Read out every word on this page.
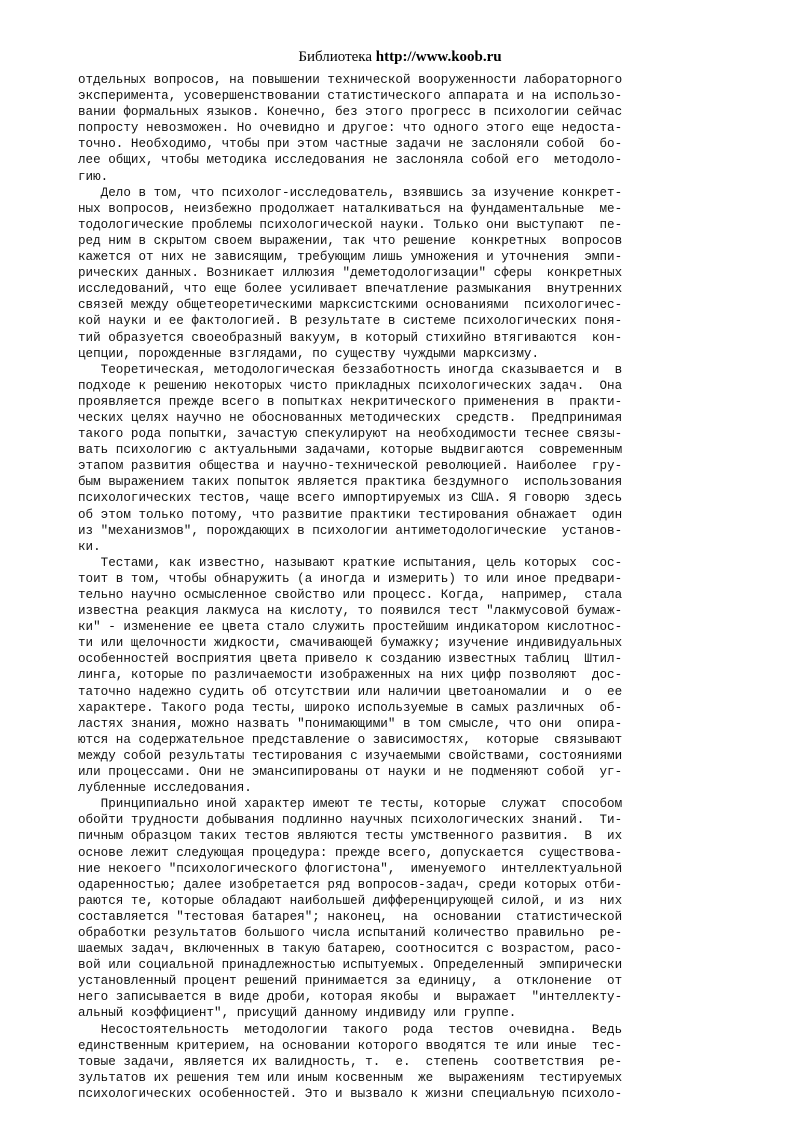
Библиотека http://www.koob.ru
отдельных вопросов, на повышении технической вооруженности лабораторного
эксперимента, усовершенствовании статистического аппарата и на использо-
вании формальных языков. Конечно, без этого прогресс в психологии сейчас
попросту невозможен. Но очевидно и другое: что одного этого еще недоста-
точно. Необходимо, чтобы при этом частные задачи не заслоняли собой  бо-
лее общих, чтобы методика исследования не заслоняла собой его  методоло-
гию.
Дело в том, что психолог-исследователь, взявшись за изучение конкрет-
ных вопросов, неизбежно продолжает наталкиваться на фундаментальные  ме-
тодологические проблемы психологической науки. Только они выступают  пе-
ред ним в скрытом своем выражении, так что решение  конкретных  вопросов
кажется от них не зависящим, требующим лишь умножения и уточнения  эмпи-
рических данных. Возникает иллюзия "деметодологизации" сферы  конкретных
исследований, что еще более усиливает впечатление размыкания  внутренних
связей между общетеоретическими марксистскими основаниями  психологичес-
кой науки и ее фактологией. В результате в системе психологических поня-
тий образуется своеобразный вакуум, в который стихийно втягиваются  кон-
цепции, порожденные взглядами, по существу чуждыми марксизму.
Теоретическая, методологическая беззаботность иногда сказывается и  в
подходе к решению некоторых чисто прикладных психологических задач.  Она
проявляется прежде всего в попытках некритического применения в  практи-
ческих целях научно не обоснованных методических  средств.  Предпринимая
такого рода попытки, зачастую спекулируют на необходимости теснее связы-
вать психологию с актуальными задачами, которые выдвигаются  современным
этапом развития общества и научно-технической революцией. Наиболее  гру-
бым выражением таких попыток является практика бездумного  использования
психологических тестов, чаще всего импортируемых из США. Я говорю  здесь
об этом только потому, что развитие практики тестирования обнажает  один
из "механизмов", порождающих в психологии антиметодологические  установ-
ки.
Тестами, как известно, называют краткие испытания, цель которых  сос-
тоит в том, чтобы обнаружить (а иногда и измерить) то или иное предвари-
тельно научно осмысленное свойство или процесс. Когда,  например,  стала
известна реакция лакмуса на кислоту, то появился тест "лакмусовой бумаж-
ки" - изменение ее цвета стало служить простейшим индикатором кислотнос-
ти или щелочности жидкости, смачивающей бумажку; изучение индивидуальных
особенностей восприятия цвета привело к созданию известных таблиц  Штил-
линга, которые по различаемости изображенных на них цифр позволяют  дос-
таточно надежно судить об отсутствии или наличии цветоаномалии  и  о  ее
характере. Такого рода тесты, широко используемые в самых различных  об-
ластях знания, можно назвать "понимающими" в том смысле, что они  опира-
ются на содержательное представление о зависимостях,  которые  связывают
между собой результаты тестирования с изучаемыми свойствами, состояниями
или процессами. Они не эмансипированы от науки и не подменяют собой  уг-
лубленные исследования.
Принципиально иной характер имеют те тесты, которые  служат  способом
обойти трудности добывания подлинно научных психологических знаний.  Ти-
пичным образцом таких тестов являются тесты умственного развития.  В  их
основе лежит следующая процедура: прежде всего, допускается  существова-
ние некоего "психологического флогистона",  именуемого  интеллектуальной
одаренностью; далее изобретается ряд вопросов-задач, среди которых отби-
раются те, которые обладают наибольшей дифференцирующей силой, и из  них
составляется "тестовая батарея"; наконец,  на  основании  статистической
обработки результатов большого числа испытаний количество правильно  ре-
шаемых задач, включенных в такую батарею, соотносится с возрастом, расо-
вой или социальной принадлежностью испытуемых. Определенный  эмпирически
установленный процент решений принимается за единицу,  а  отклонение  от
него записывается в виде дроби, которая якобы  и  выражает  "интеллекту-
альный коэффициент", присущий данному индивиду или группе.
Несостоятельность  методологии  такого  рода  тестов  очевидна.  Ведь
единственным критерием, на основании которого вводятся те или иные  тес-
товые задачи, является их валидность, т.  е.  степень  соответствия  ре-
зультатов их решения тем или иным косвенным  же  выражениям  тестируемых
психологических особенностей. Это и вызвало к жизни специальную психоло-
